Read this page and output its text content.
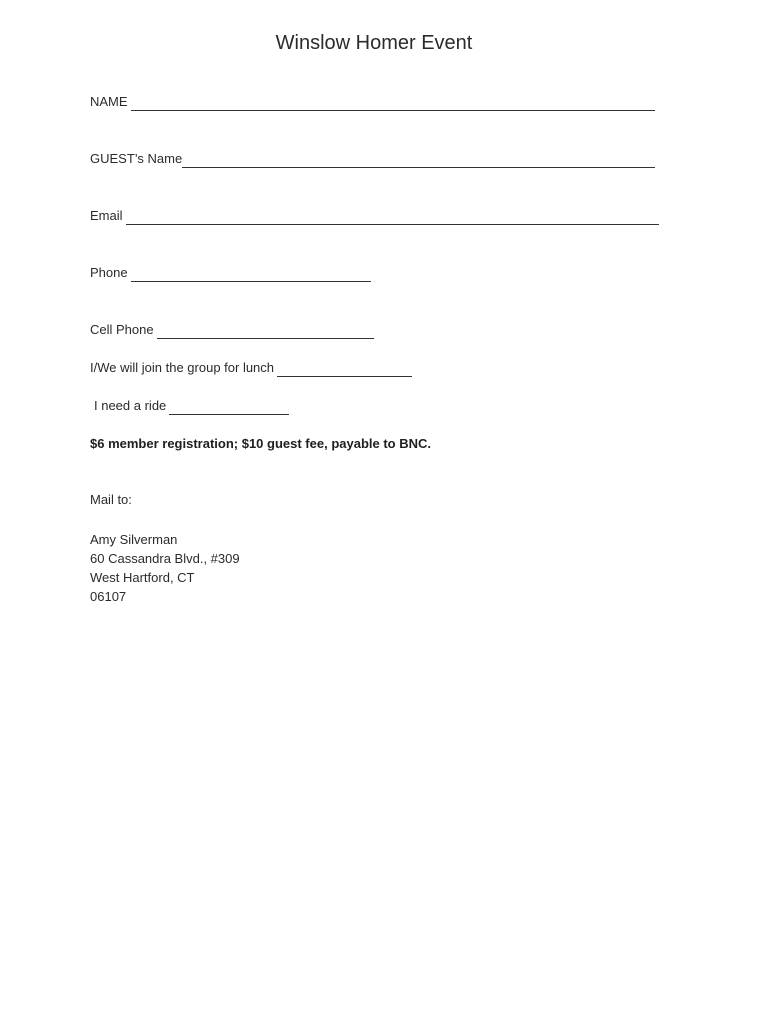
Winslow Homer Event
NAME
GUEST’s Name
Email
Phone
Cell Phone
I/We will join the group for lunch
I need a ride
$6 member registration; $10 guest fee, payable to BNC.
Mail to:
Amy Silverman
60 Cassandra Blvd., #309
West Hartford, CT
06107
